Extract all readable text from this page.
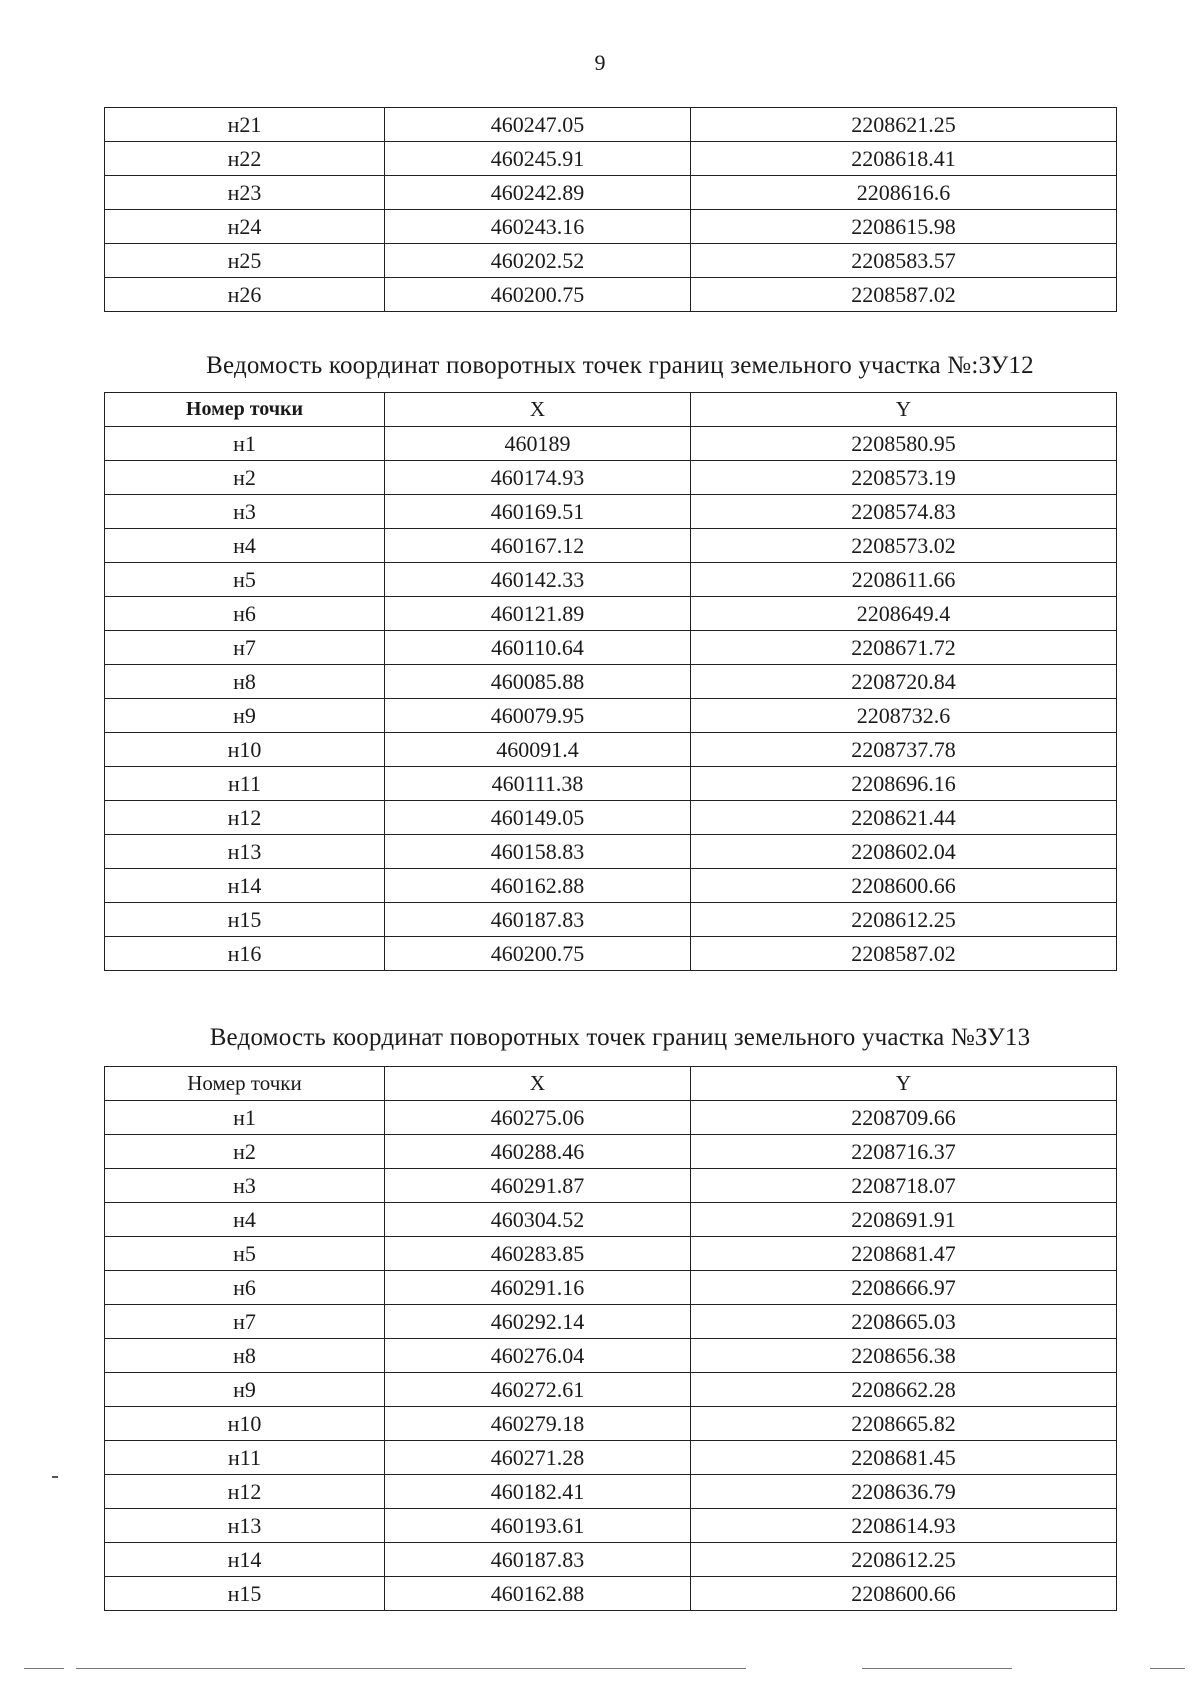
9
н21	460247.05	2208621.25
н22	460245.91	2208618.41
н23	460242.89	2208616.6
н24	460243.16	2208615.98
н25	460202.52	2208583.57
н26	460200.75	2208587.02
Ведомость координат поворотных точек границ земельного участка №:ЗУ12
Номер точки	X	Y
н1	460189	2208580.95
н2	460174.93	2208573.19
н3	460169.51	2208574.83
н4	460167.12	2208573.02
н5	460142.33	2208611.66
н6	460121.89	2208649.4
н7	460110.64	2208671.72
н8	460085.88	2208720.84
н9	460079.95	2208732.6
н10	460091.4	2208737.78
н11	460111.38	2208696.16
н12	460149.05	2208621.44
н13	460158.83	2208602.04
н14	460162.88	2208600.66
н15	460187.83	2208612.25
н16	460200.75	2208587.02
Ведомость координат поворотных точек границ земельного участка №ЗУ13
Номер точки	X	Y
н1	460275.06	2208709.66
н2	460288.46	2208716.37
н3	460291.87	2208718.07
н4	460304.52	2208691.91
н5	460283.85	2208681.47
н6	460291.16	2208666.97
н7	460292.14	2208665.03
н8	460276.04	2208656.38
н9	460272.61	2208662.28
н10	460279.18	2208665.82
н11	460271.28	2208681.45
н12	460182.41	2208636.79
н13	460193.61	2208614.93
н14	460187.83	2208612.25
н15	460162.88	2208600.66
